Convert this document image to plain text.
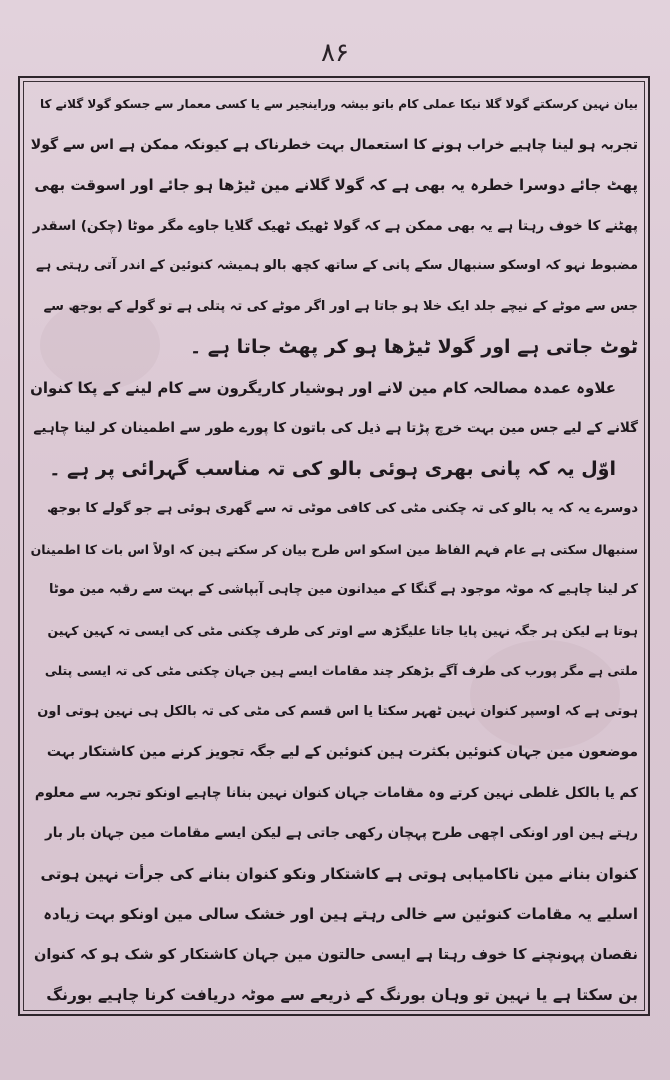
۸۶
بیان نہین کرسکتے گولا گلا نیکا عملی کام باتو بیشہ وراینجیر سے یا کسی معمار سے جسکو گولا گلانے کا
تجربہ ہو لینا چاہیے خراب ہونے کا استعمال بہت خطرناک ہے کیونکہ ممکن ہے اس سے گولا
پھٹ جائے دوسرا خطرہ یہ بھی ہے کہ گولا گلانے مین ٹیڑھا ہو جائے اور اسوقت بھی
پھٹنے کا خوف رہتا ہے یہ بھی ممکن ہے کہ گولا ٹھیک ٹھیک گلایا جاوے مگر موٹا (چکن) اسقدر
مضبوط نہو کہ اوسکو سنبھال سکے پانی کے ساتھ کچھ بالو ہمیشہ کنوئین کے اندر آتی رہتی ہے
جس سے موٹے کے نیچے جلد ایک خلا ہو جاتا ہے اور اگر موٹے کی تہ پتلی ہے تو گولے کے بوجھ سے
ٹوٹ جاتی ہے اور گولا ٹیڑھا ہو کر پھٹ جاتا ہے ۔
علاوہ عمدہ مصالحہ کام مین لانے اور ہوشیار کاریگرون سے کام لینے کے پکا کنوان
گلانے کے لیے جس مین بہت خرچ پڑتا ہے ذیل کی باتون کا پورے طور سے اطمینان کر لینا چاہیے
اوّل یہ کہ پانی بھری ہوئی بالو کی تہ مناسب گہرائی پر ہے ۔
دوسرے یہ کہ یہ بالو کی تہ چکنی مٹی کی کافی موٹی تہ سے گھری ہوئی ہے جو گولے کا بوجھ
سنبھال سکتی ہے عام فہم الفاظ مین اسکو اس طرح بیان کر سکتے ہین کہ اولاً اس بات کا اطمینان
کر لینا چاہیے کہ موٹہ موجود ہے گنگا کے میدانون مین چاہی آبپاشی کے بہت سے رقبہ مین موٹا
ہوتا ہے لیکن ہر جگہ نہین پایا جاتا علیگڑھ سے اوتر کی طرف چکنی مٹی کی ایسی تہ کہین کہین
ملتی ہے مگر پورب کی طرف آگے بڑھکر چند مقامات ایسے ہین جہان چکنی مٹی کی تہ ایسی پتلی
ہوتی ہے کہ اوسپر کنوان نہین ٹھہر سکتا یا اس قسم کی مٹی کی تہ بالکل ہی نہین ہوتی اون
موضعون مین جہان کنوئین بکثرت ہین کنوئین کے لیے جگہ تجویز کرنے مین کاشتکار بہت
کم یا بالکل غلطی نہین کرتے وہ مقامات جہان کنوان نہین بنانا چاہیے اونکو تجربہ سے معلوم
رہتے ہین اور اونکی اچھی طرح پہچان رکھی جاتی ہے لیکن ایسے مقامات مین جہان بار بار
کنوان بنانے مین ناکامیابی ہوتی ہے کاشتکار ونکو کنوان بنانے کی جرأت نہین ہوتی
اسلیے یہ مقامات کنوئین سے خالی رہتے ہین اور خشک سالی مین اونکو بہت زیادہ
نقصان پہونچنے کا خوف رہتا ہے ایسی حالتون مین جہان کاشتکار کو شک ہو کہ کنوان
بن سکتا ہے یا نہین تو وہان بورنگ کے ذریعے سے موٹہ دریافت کرنا چاہیے بورنگ
